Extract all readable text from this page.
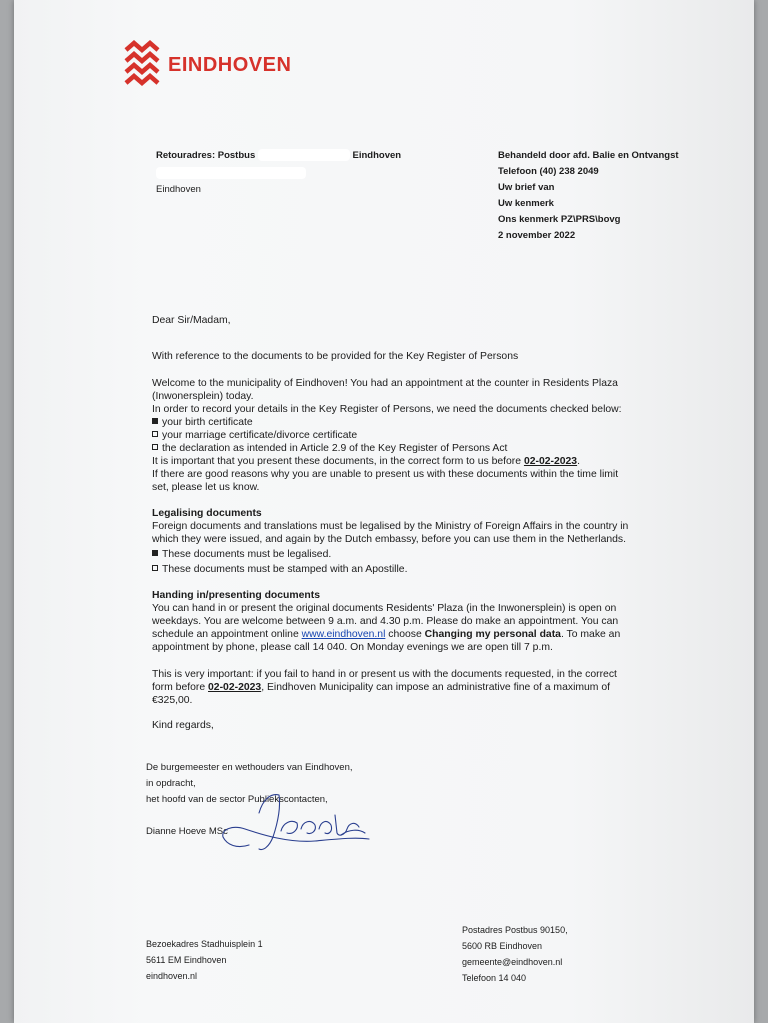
EINDHOVEN
Retouradres: Postbus	Eindhoven
Eindhoven
Behandeld door afd. Balie en Ontvangst
Telefoon (40) 238 2049
Uw brief van
Uw kenmerk
Ons kenmerk PZ\PRS\bovg
2 november 2022
Dear Sir/Madam,
With reference to the documents to be provided for the Key Register of Persons
Welcome to the municipality of Eindhoven! You had an appointment at the counter in Residents Plaza
(Inwonersplein) today.
In order to record your details in the Key Register of Persons, we need the documents checked below:
your birth certificate
your marriage certificate/divorce certificate
the declaration as intended in Article 2.9 of the Key Register of Persons Act
It is important that you present these documents, in the correct form to us before 02-02-2023.
If there are good reasons why you are unable to present us with these documents within the time limit
set, please let us know.
Legalising documents
Foreign documents and translations must be legalised by the Ministry of Foreign Affairs in the country in
which they were issued, and again by the Dutch embassy, before you can use them in the Netherlands.
These documents must be legalised.
These documents must be stamped with an Apostille.
Handing in/presenting documents
You can hand in or present the original documents Residents' Plaza (in the Inwonersplein) is open on
weekdays. You are welcome between 9 a.m. and 4.30 p.m. Please do make an appointment. You can
schedule an appointment online www.eindhoven.nl choose Changing my personal data. To make an
appointment by phone, please call 14 040. On Monday evenings we are open till 7 p.m.
This is very important: if you fail to hand in or present us with the documents requested, in the correct
form before 02-02-2023, Eindhoven Municipality can impose an administrative fine of a maximum of
€325,00.
Kind regards,
De burgemeester en wethouders van Eindhoven,
in opdracht,
het hoofd van de sector Publiekscontacten,
Dianne Hoeve MSc
Bezoekadres Stadhuisplein 1
5611 EM Eindhoven
eindhoven.nl
Postadres Postbus 90150,
5600 RB Eindhoven
gemeente@eindhoven.nl
Telefoon 14 040
